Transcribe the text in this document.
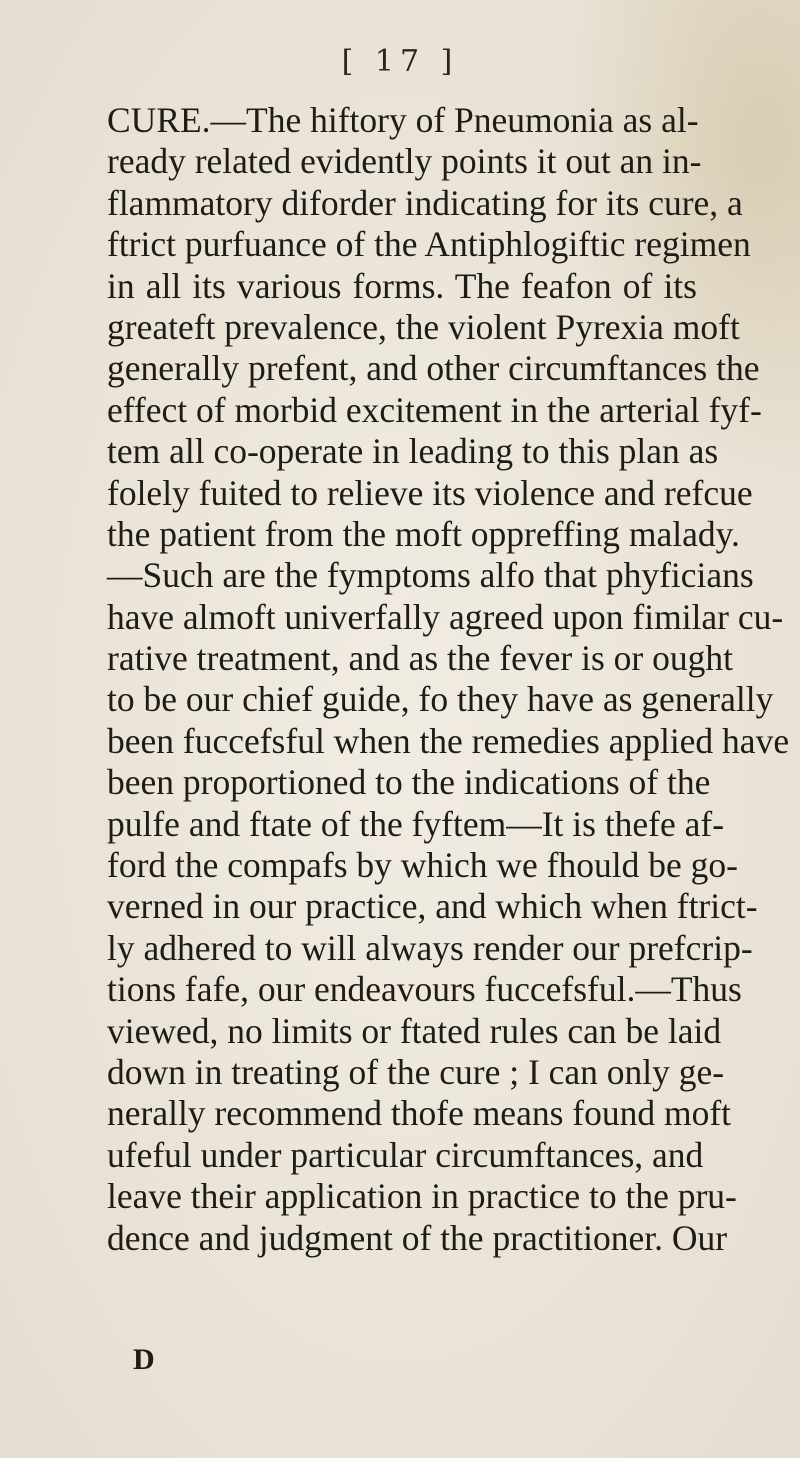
[ 17 ]
CURE.—The hiftory of Pneumonia as al-
ready related evidently points it out an in-
flammatory diforder indicating for its cure, a
ftrict purfuance of the Antiphlogiftic regimen
in all its various forms. The feafon of its
greateft prevalence, the violent Pyrexia moft
generally prefent, and other circumftances the
effect of morbid excitement in the arterial fyf-
tem all co-operate in leading to this plan as
folely fuited to relieve its violence and refcue
the patient from the moft oppreffing malady.
—Such are the fymptoms alfo that phyficians
have almoft univerfally agreed upon fimilar cu-
rative treatment, and as the fever is or ought
to be our chief guide, fo they have as generally
been fuccefsful when the remedies applied have
been proportioned to the indications of the
pulfe and ftate of the fyftem—It is thefe af-
ford the compafs by which we fhould be go-
verned in our practice, and which when ftrict-
ly adhered to will always render our prefcrip-
tions fafe, our endeavours fuccefsful.—Thus
viewed, no limits or ftated rules can be laid
down in treating of the cure ; I can only ge-
nerally recommend thofe means found moft
ufeful under particular circumftances, and
leave their application in practice to the pru-
dence and judgment of the practitioner. Our
D
